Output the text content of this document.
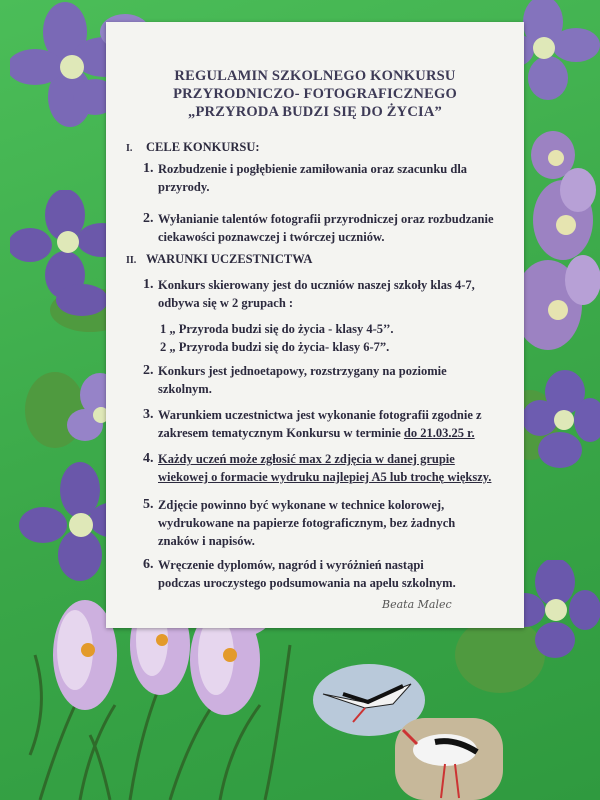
REGULAMIN SZKOLNEGO KONKURSU
PRZYRODNICZO- FOTOGRAFICZNEGO
„PRZYRODA BUDZI SIĘ DO ŻYCIA”
I. CELE KONKURSU:
1. Rozbudzenie i pogłębienie zamiłowania oraz szacunku dla
przyrody.
2. Wyłanianie talentów fotografii przyrodniczej oraz rozbudzanie
ciekawości poznawczej i twórczej uczniów.
II. WARUNKI UCZESTNICTWA
1. Konkurs skierowany jest do uczniów naszej szkoły klas 4-7,
odbywa się w 2 grupach :
1 „ Przyroda budzi się do życia - klasy 4-5’’.
2 „ Przyroda budzi się do życia- klasy 6-7”.
2. Konkurs jest jednoetapowy, rozstrzygany na poziomie
szkolnym.
3. Warunkiem uczestnictwa jest wykonanie fotografii zgodnie z
zakresem tematycznym Konkursu w terminie do 21.03.25 r.
4. Każdy uczeń może zgłosić max 2 zdjęcia w danej grupie
wiekowej o formacie wydruku najlepiej A5 lub trochę większy.
5. Zdjęcie powinno być wykonane w technice kolorowej,
wydrukowane na papierze fotograficznym, bez żadnych
znaków i napisów.
6. Wręczenie dyplomów, nagród i wyróżnień nastąpi
podczas uroczystego podsumowania na apelu szkolnym.
Beata Malec
